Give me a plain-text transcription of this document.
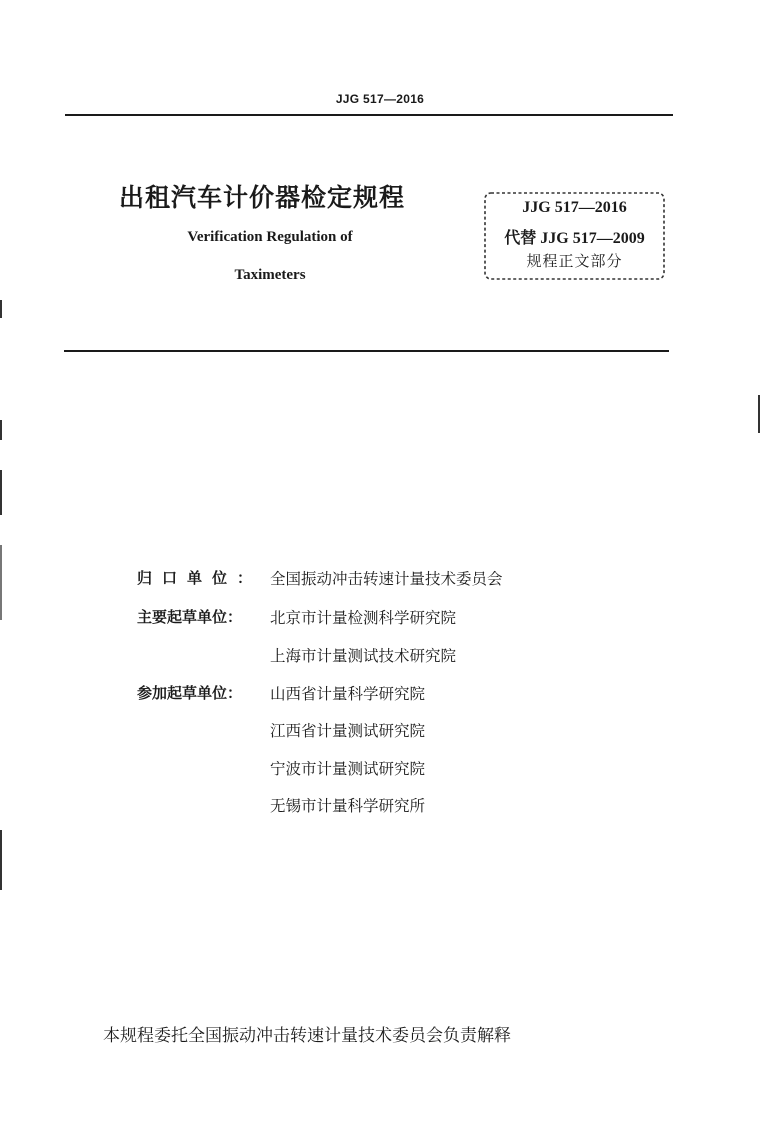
JJG 517—2016
出租汽车计价器检定规程
Verification Regulation of
Taximeters
JJG 517—2016
代替 JJG 517—2009
规程正文部分
归口单位： 全国振动冲击转速计量技术委员会
主要起草单位：	北京市计量检测科学研究院
上海市计量测试技术研究院
参加起草单位：	山西省计量科学研究院
江西省计量测试研究院
宁波市计量测试研究院
无锡市计量科学研究所
本规程委托全国振动冲击转速计量技术委员会负责解释
